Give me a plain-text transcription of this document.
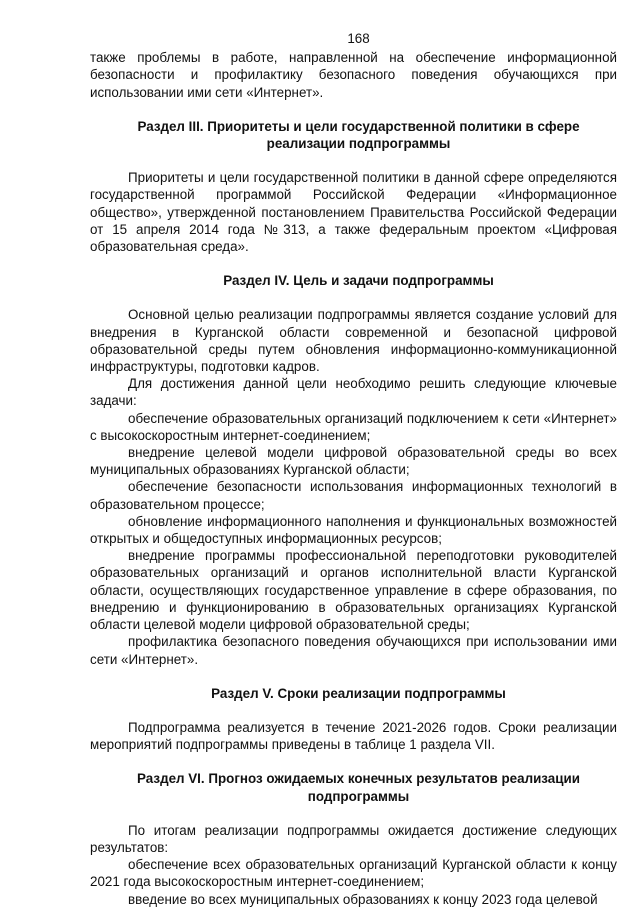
168

также проблемы в работе, направленной на обеспечение информационной безопасности и профилактику безопасного поведения обучающихся при использовании ими сети «Интернет».

Раздел III. Приоритеты и цели государственной политики в сфере реализации подпрограммы

Приоритеты и цели государственной политики в данной сфере определяются государственной программой Российской Федерации «Информационное общество», утвержденной постановлением Правительства Российской Федерации от 15 апреля 2014 года №313, а также федеральным проектом «Цифровая образовательная среда».

Раздел IV. Цель и задачи подпрограммы

Основной целью реализации подпрограммы является создание условий для внедрения в Курганской области современной и безопасной цифровой образовательной среды путем обновления информационно-коммуникационной инфраструктуры, подготовки кадров.

Для достижения данной цели необходимо решить следующие ключевые задачи:

обеспечение образовательных организаций подключением к сети «Интернет» с высокоскоростным интернет-соединением;

внедрение целевой модели цифровой образовательной среды во всех муниципальных образованиях Курганской области;

обеспечение безопасности использования информационных технологий в образовательном процессе;

обновление информационного наполнения и функциональных возможностей открытых и общедоступных информационных ресурсов;

внедрение программы профессиональной переподготовки руководителей образовательных организаций и органов исполнительной власти Курганской области, осуществляющих государственное управление в сфере образования, по внедрению и функционированию в образовательных организациях Курганской области целевой модели цифровой образовательной среды;

профилактика безопасного поведения обучающихся при использовании ими сети «Интернет».

Раздел V. Сроки реализации подпрограммы

Подпрограмма реализуется в течение 2021-2026 годов. Сроки реализации мероприятий подпрограммы приведены в таблице 1 раздела VII.

Раздел VI. Прогноз ожидаемых конечных результатов реализации подпрограммы

По итогам реализации подпрограммы ожидается достижение следующих результатов:

обеспечение всех образовательных организаций Курганской области к концу 2021 года высокоскоростным интернет-соединением;

введение во всех муниципальных образованиях к концу 2023 года целевой
